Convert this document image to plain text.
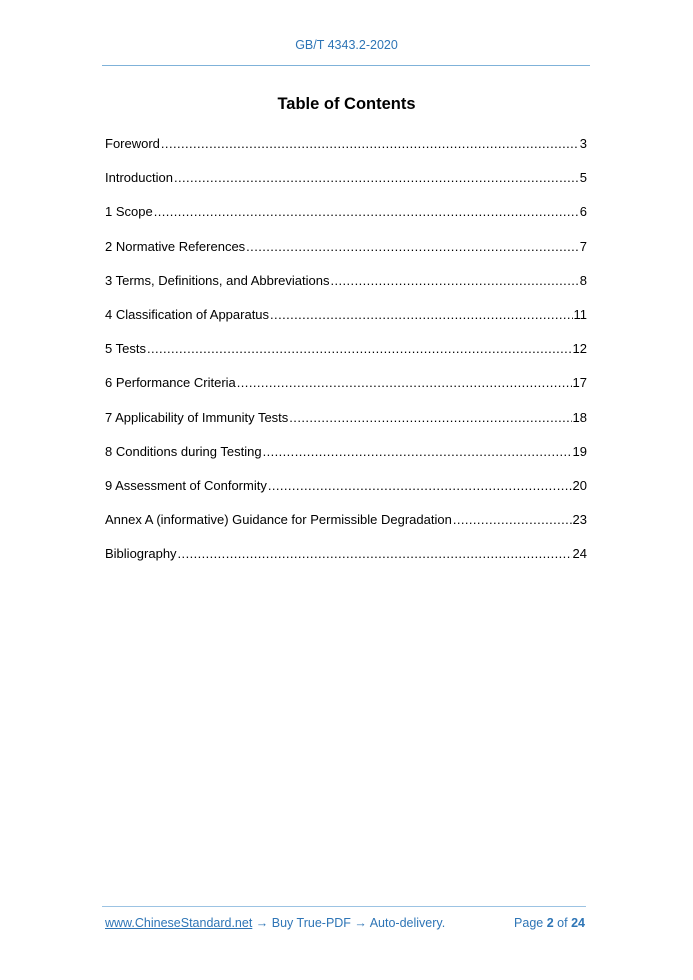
GB/T 4343.2-2020
Table of Contents
Foreword .....	3
Introduction .....	5
1 Scope .....	6
2 Normative References .....	7
3 Terms, Definitions, and Abbreviations .....	8
4 Classification of Apparatus .....	11
5 Tests .....	12
6 Performance Criteria .....	17
7 Applicability of Immunity Tests .....	18
8 Conditions during Testing .....	19
9 Assessment of Conformity .....	20
Annex A (informative) Guidance for Permissible Degradation .....	23
Bibliography .....	24
www.ChineseStandard.net → Buy True-PDF → Auto-delivery.	Page 2 of 24
